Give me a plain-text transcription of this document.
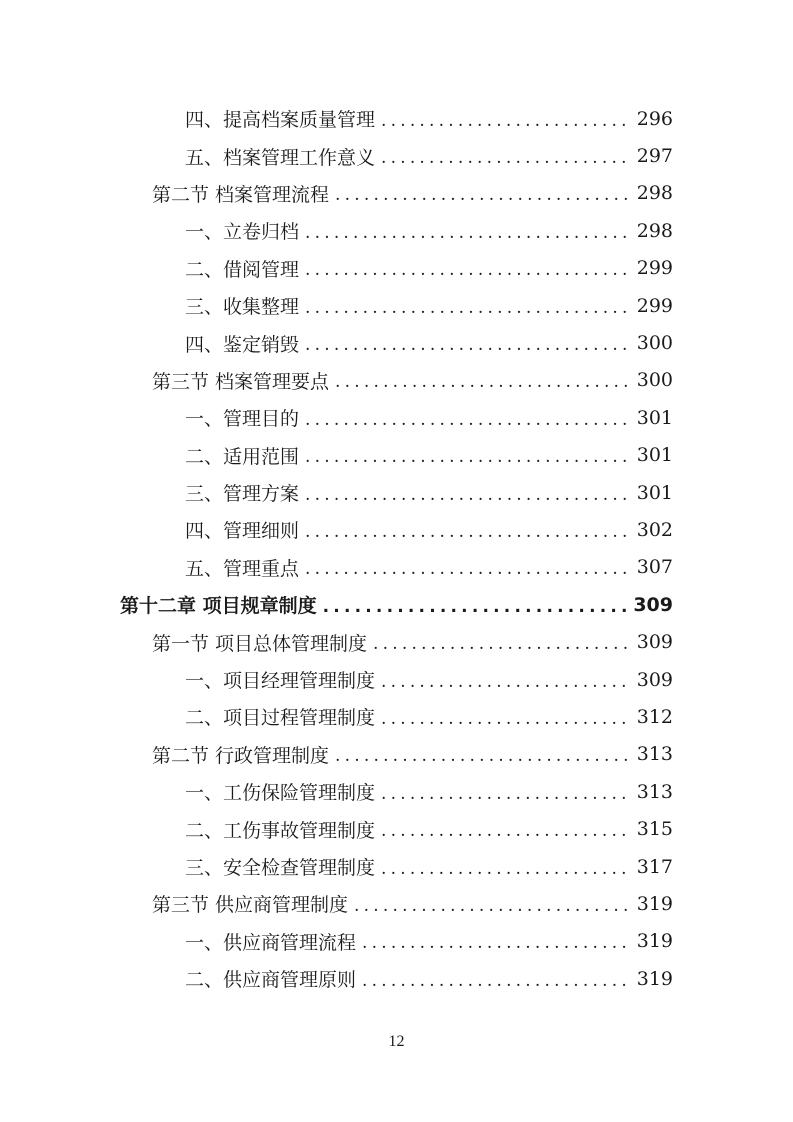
四、提高档案质量管理 .....	296
五、档案管理工作意义 .....	297
第二节 档案管理流程 .....	298
一、立卷归档 .....	298
二、借阅管理 .....	299
三、收集整理 .....	299
四、鉴定销毁 .....	300
第三节 档案管理要点 .....	300
一、管理目的 .....	301
二、适用范围 .....	301
三、管理方案 .....	301
四、管理细则 .....	302
五、管理重点 .....	307
第十二章 项目规章制度 .....	309
第一节 项目总体管理制度 .....	309
一、项目经理管理制度 .....	309
二、项目过程管理制度 .....	312
第二节 行政管理制度 .....	313
一、工伤保险管理制度 .....	313
二、工伤事故管理制度 .....	315
三、安全检查管理制度 .....	317
第三节 供应商管理制度 .....	319
一、供应商管理流程 .....	319
二、供应商管理原则 .....	319
12
